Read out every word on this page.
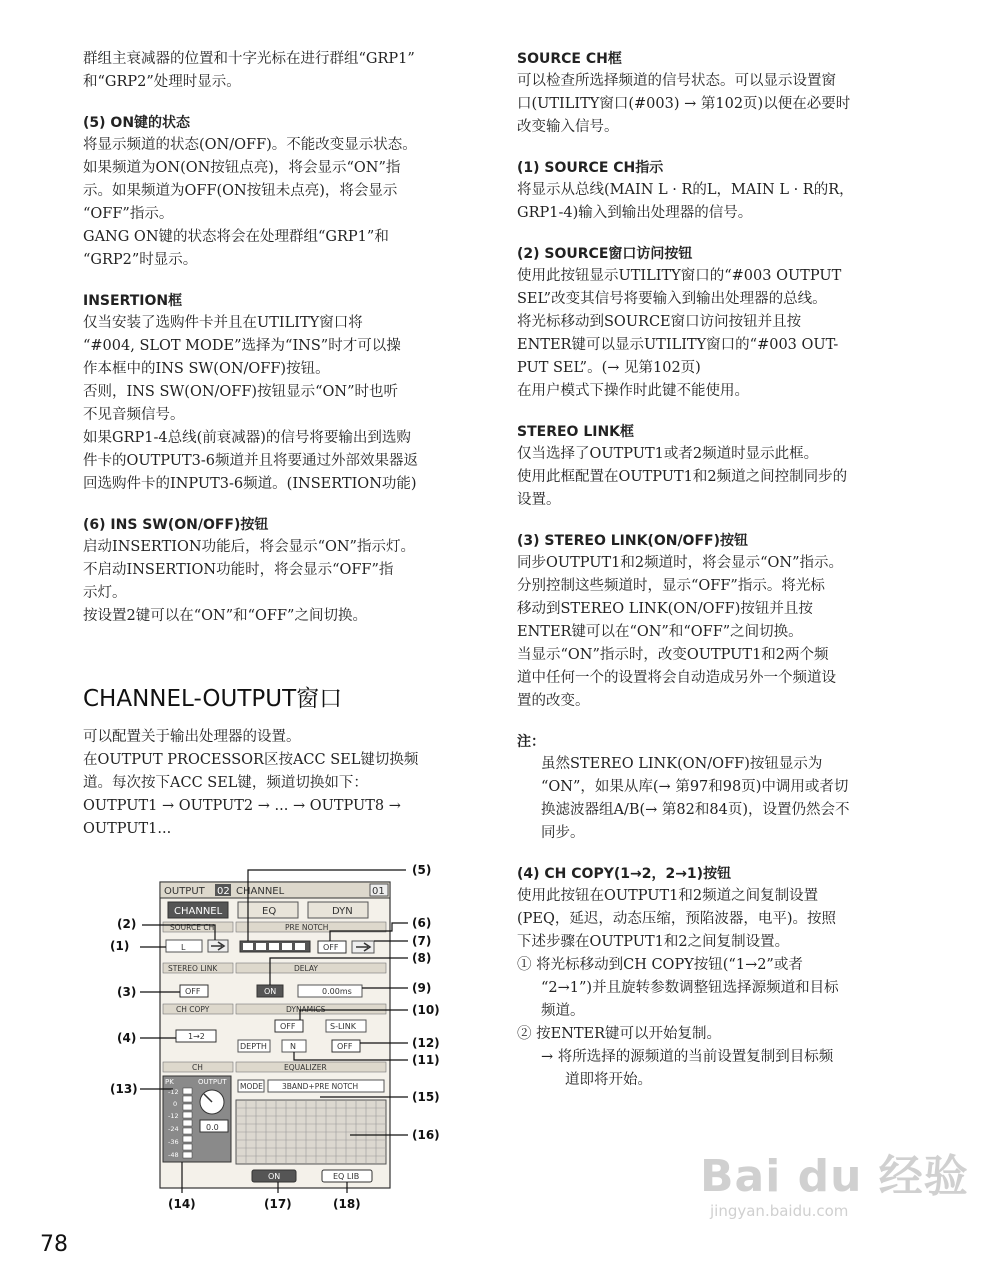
群组主衰减器的位置和十字光标在进行群组“GRP1”

和“GRP2”处理时显示。

(5) ON键的状态

将显示频道的状态(ON/OFF)。不能改变显示状态。

如果频道为ON(ON按钮点亮)，将会显示“ON”指

示。如果频道为OFF(ON按钮未点亮)，将会显示

“OFF”指示。

GANG ON键的状态将会在处理群组“GRP1”和

“GRP2”时显示。

INSERTION框

仅当安装了选购件卡并且在UTILITY窗口将

“#004, SLOT MODE”选择为“INS”时才可以操

作本框中的INS SW(ON/OFF)按钮。

否则，INS SW(ON/OFF)按钮显示“ON”时也听

不见音频信号。

如果GRP1-4总线(前衰减器)的信号将要输出到选购

件卡的OUTPUT3-6频道并且将要通过外部效果器返

回选购件卡的INPUT3-6频道。(INSERTION功能)

(6) INS SW(ON/OFF)按钮

启动INSERTION功能后，将会显示“ON”指示灯。

不启动INSERTION功能时，将会显示“OFF”指

示灯。

按设置2键可以在“ON”和“OFF”之间切换。

CHANNEL-OUTPUT窗口

可以配置关于输出处理器的设置。

在OUTPUT PROCESSOR区按ACC SEL键切换频

道。每次按下ACC SEL键，频道切换如下：

OUTPUT1 → OUTPUT2 → ... → OUTPUT8 →

OUTPUT1...

SOURCE CH框

可以检查所选择频道的信号状态。可以显示设置窗

口(UTILITY窗口(#003) → 第102页)以便在必要时

改变输入信号。

(1) SOURCE CH指示

将显示从总线(MAIN L · R的L，MAIN L · R的R，

GRP1-4)输入到输出处理器的信号。

(2) SOURCE窗口访问按钮

使用此按钮显示UTILITY窗口的“#003 OUTPUT

SEL”改变其信号将要输入到输出处理器的总线。

将光标移动到SOURCE窗口访问按钮并且按

ENTER键可以显示UTILITY窗口的“#003 OUT-

PUT SEL”。(→ 见第102页)

在用户模式下操作时此键不能使用。

STEREO LINK框

仅当选择了OUTPUT1或者2频道时显示此框。

使用此框配置在OUTPUT1和2频道之间控制同步的

设置。

(3) STEREO LINK(ON/OFF)按钮

同步OUTPUT1和2频道时，将会显示“ON”指示。

分别控制这些频道时，显示“OFF”指示。将光标

移动到STEREO LINK(ON/OFF)按钮并且按

ENTER键可以在“ON”和“OFF”之间切换。

当显示“ON”指示时，改变OUTPUT1和2两个频

道中任何一个的设置将会自动造成另外一个频道设

置的改变。

注：

虽然STEREO LINK(ON/OFF)按钮显示为

“ON”，如果从库(→ 第97和98页)中调用或者切

换滤波器组A/B(→ 第82和84页)，设置仍然会不

同步。

(4) CH COPY(1→2，2→1)按钮

使用此按钮在OUTPUT1和2频道之间复制设置

(PEQ，延迟，动态压缩，预陷波器，电平)。按照

下述步骤在OUTPUT1和2之间复制设置。

① 将光标移动到CH COPY按钮(“1→2”或者

“2→1”)并且旋转参数调整钮选择源频道和目标

频道。

② 按ENTER键可以开始复制。

→ 将所选择的源频道的当前设置复制到目标频

道即将开始。

OUTPUT 02 CHANNEL	01
CHANNEL	EQ	DYN
SOURCE CH
L
STEREO LINK
OFF
CH COPY
1→2
CH
PK	OUTPUT
-12
0
-12
-24
-36
-48
0.0
PRE NOTCH
OFF
DELAY
ON	0.00ms
DYNAMICS
OFF	S-LINK
DEPTH	N	OFF
EQUALIZER
MODE	3BAND+PRE NOTCH
ON	EQ LIB
(1)
(2)
(3)
(4)
(5)
(6)
(7)
(8)
(9)
(10)
(11)
(12)
(13)
(14)
(15)
(16)
(17)	(18)
78
Bai du 经验
jingyan.baidu.com
